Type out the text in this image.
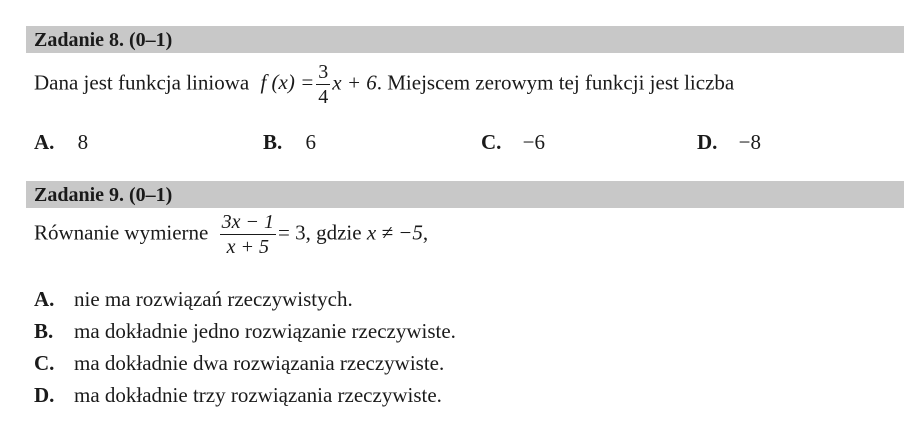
Zadanie 8. (0–1)
Dana jest funkcja liniowa f $(x) = \frac{3}{4}$ x + 6. Miejscem zerowym tej funkcji jest liczba
A. 8	B. 6	C. −6	D. −8
Zadanie 9. (0–1)
Równanie wymierne $\frac{3x - 1}{x + 5} = 3$, gdzie x ≠ −5,
A. nie ma rozwiązań rzeczywistych.
B. ma dokładnie jedno rozwiązanie rzeczywiste.
C. ma dokładnie dwa rozwiązania rzeczywiste.
D. ma dokładnie trzy rozwiązania rzeczywiste.
